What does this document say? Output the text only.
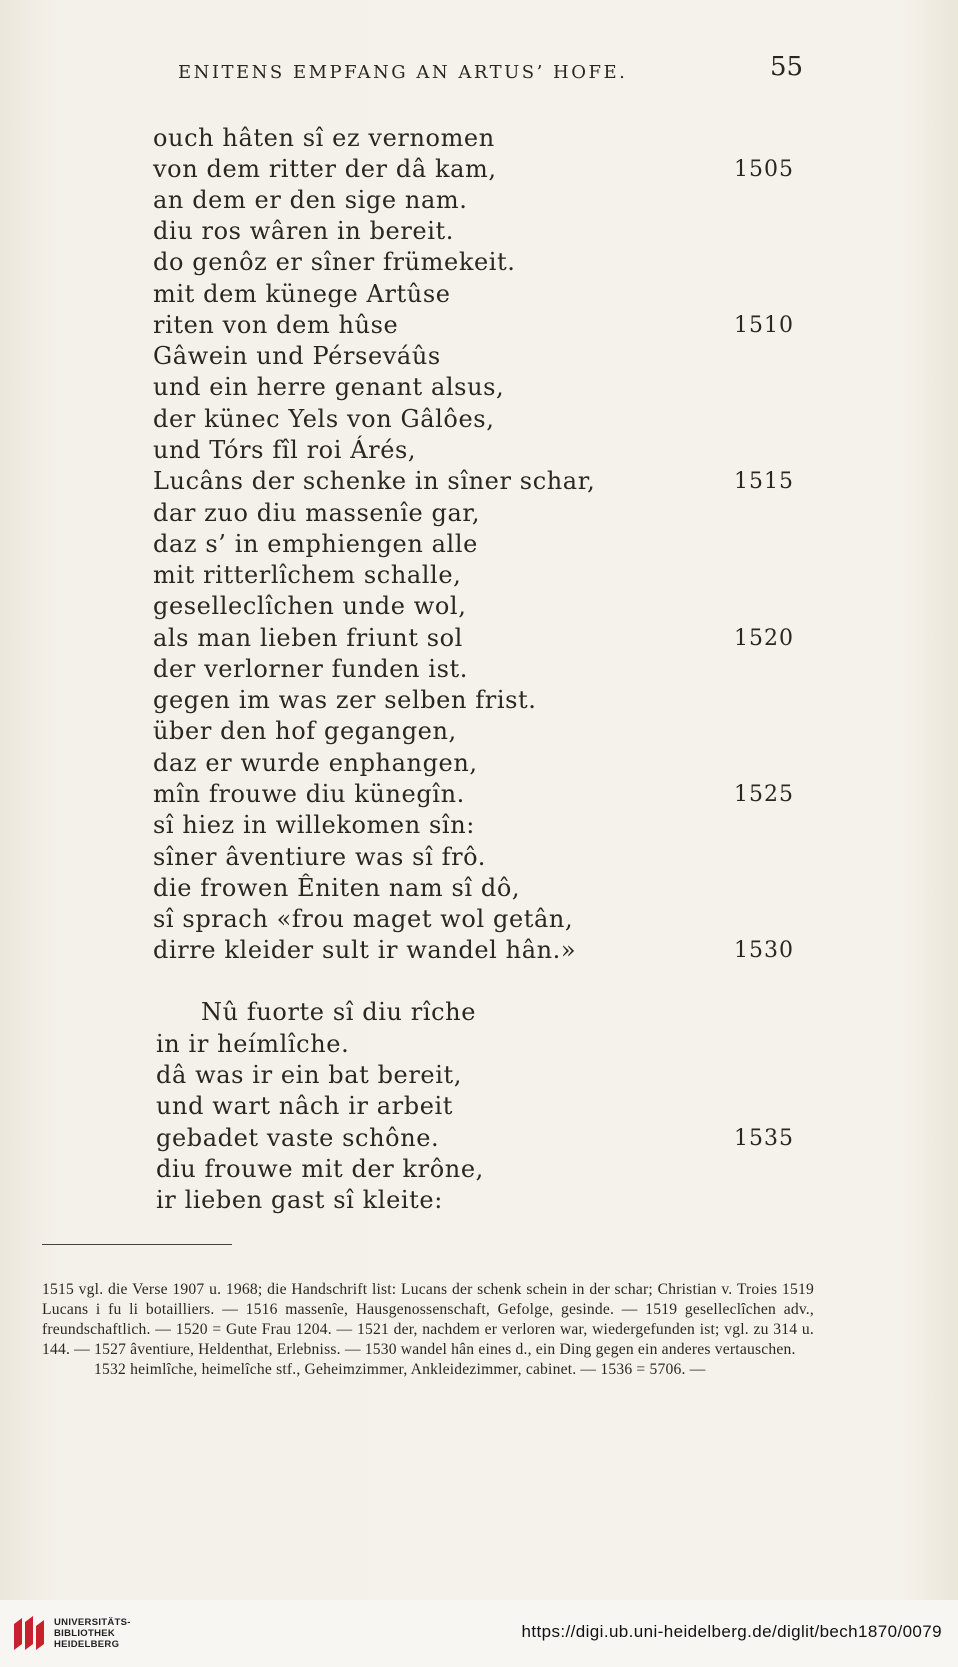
ENITENS EMPFANG AN ARTUS’ HOFE.	55
ouch hâten sî ez vernomen
von dem ritter der dâ kam,
an dem er den sige nam.
diu ros wâren in bereit.
do genôz er sîner frümekeit.
mit dem künege Artûse
riten von dem hûse
Gâwein und Pérseváûs
und ein herre genant alsus,
der künec Yels von Gâlôes,
und Tórs fîl roi Árés,
Lucâns der schenke in sîner schar,
dar zuo diu massenîe gar,
daz s’ in emphiengen alle
mit ritterlîchem schalle,
geselleclîchen unde wol,
als man lieben friunt sol
der verlorner funden ist.
gegen im was zer selben frist.
über den hof gegangen,
daz er wurde enphangen,
mîn frouwe diu künegîn.
sî hiez in willekomen sîn:
sîner âventiure was sî frô.
die frowen Êniten nam sî dô,
sî sprach «frou maget wol getân,
dirre kleider sult ir wandel hân.»
Nû fuorte sî diu rîche
in ir heímlîche.
dâ was ir ein bat bereit,
und wart nâch ir arbeit
gebadet vaste schône.
diu frouwe mit der krône,
ir lieben gast sî kleite:
1505
1510
1515
1520
1525
1530
1535

1515 vgl. die Verse 1907 u. 1968; die Handschrift list: Lucans der schenk schein in der schar; Christian v. Troies 1519 Lucans i fu li botailliers. — 1516 massenîe, Hausgenossenschaft, Gefolge, gesinde. — 1519 geselleclîchen adv., freundschaftlich. — 1520 = Gute Frau 1204. — 1521 der, nachdem er verloren war, wiedergefunden ist; vgl. zu 314 u. 144. — 1527 âventiure, Heldenthat, Erlebniss. — 1530 wandel hân eines d., ein Ding gegen ein anderes vertauschen.

1532 heimlîche, heimelîche stf., Geheimzimmer, Ankleidezimmer, cabinet. — 1536 = 5706. —

UNIVERSITÄTS-
BIBLIOTHEK
HEIDELBERG
https://digi.ub.uni-heidelberg.de/diglit/bech1870/0079
